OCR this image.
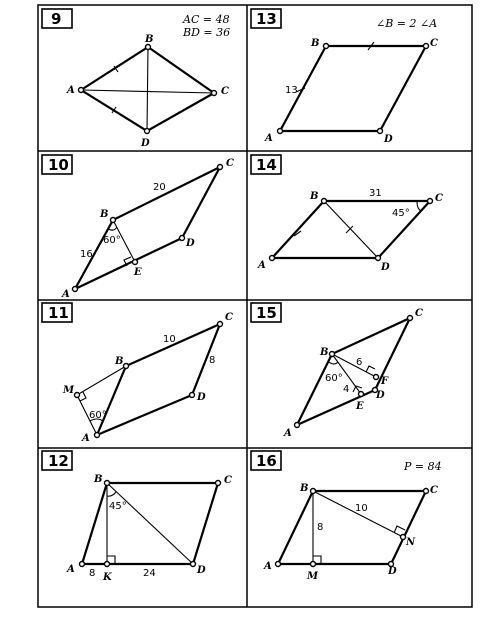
9	AC = 48
BD = 36
A
B
C
D
13	∠B = 2 ∠A
13
A
B	C
D
10
20
16
60°
A
B
C
D
E
14
31
45°
A
B	C
D
11
10
8
60°
A
B
C
D
M
15
6
4
60°
A
B
C
D
E
F
12
45°
8	24
A
B	C
D
K
16	P = 84
8
10
A
B	C
D
M
N
